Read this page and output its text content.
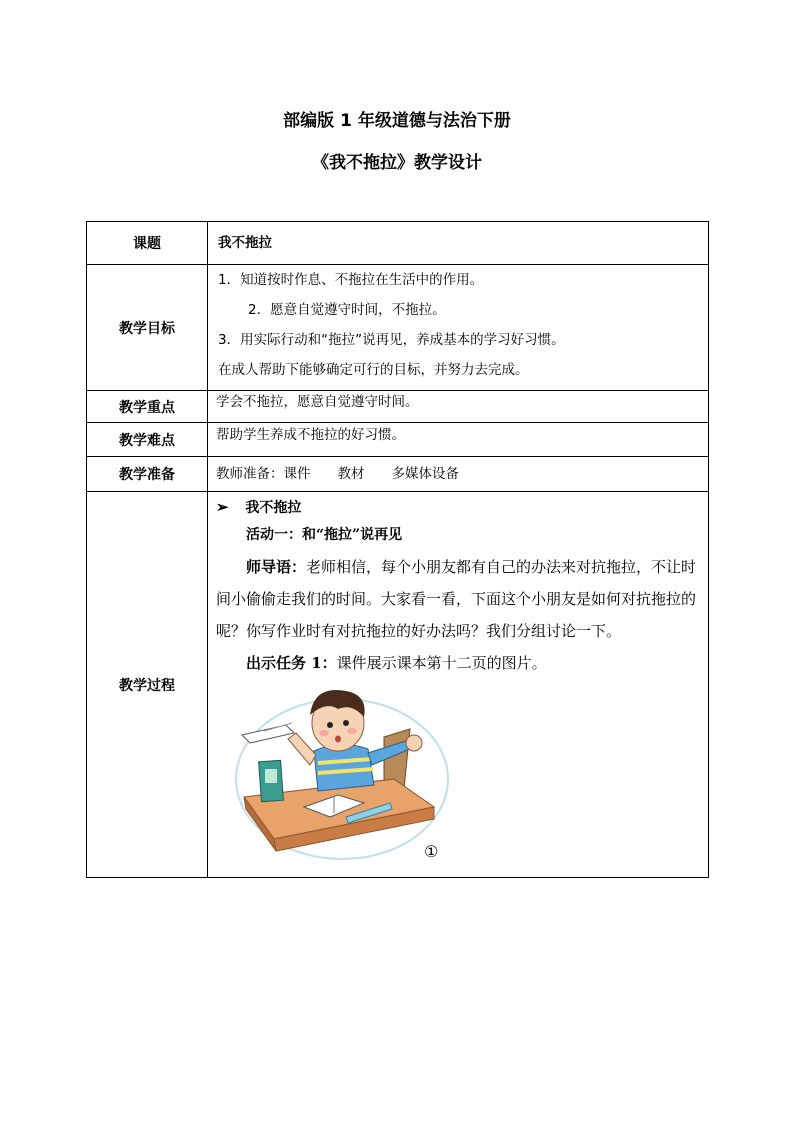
部编版 1 年级道德与法治下册
《我不拖拉》教学设计
课题	我不拖拉

教学目标	1．知道按时作息、不拖拉在生活中的作用。
2．愿意自觉遵守时间，不拖拉。
3．用实际行动和“拖拉”说再见，养成基本的学习好习惯。
在成人帮助下能够确定可行的目标，并努力去完成。

教学重点	学会不拖拉，愿意自觉遵守时间。

教学难点	帮助学生养成不拖拉的好习惯。

教学准备	教师准备：课件　　教材　　多媒体设备

教学过程	➢ 我不拖拉
活动一：和“拖拉”说再见
师导语：老师相信，每个小朋友都有自己的办法来对抗拖拉，不让时间小偷偷走我们的时间。大家看一看，下面这个小朋友是如何对抗拖拉的呢？你写作业时有对抗拖拉的好办法吗？我们分组讨论一下。
出示任务 1：课件展示课本第十二页的图片。
①
